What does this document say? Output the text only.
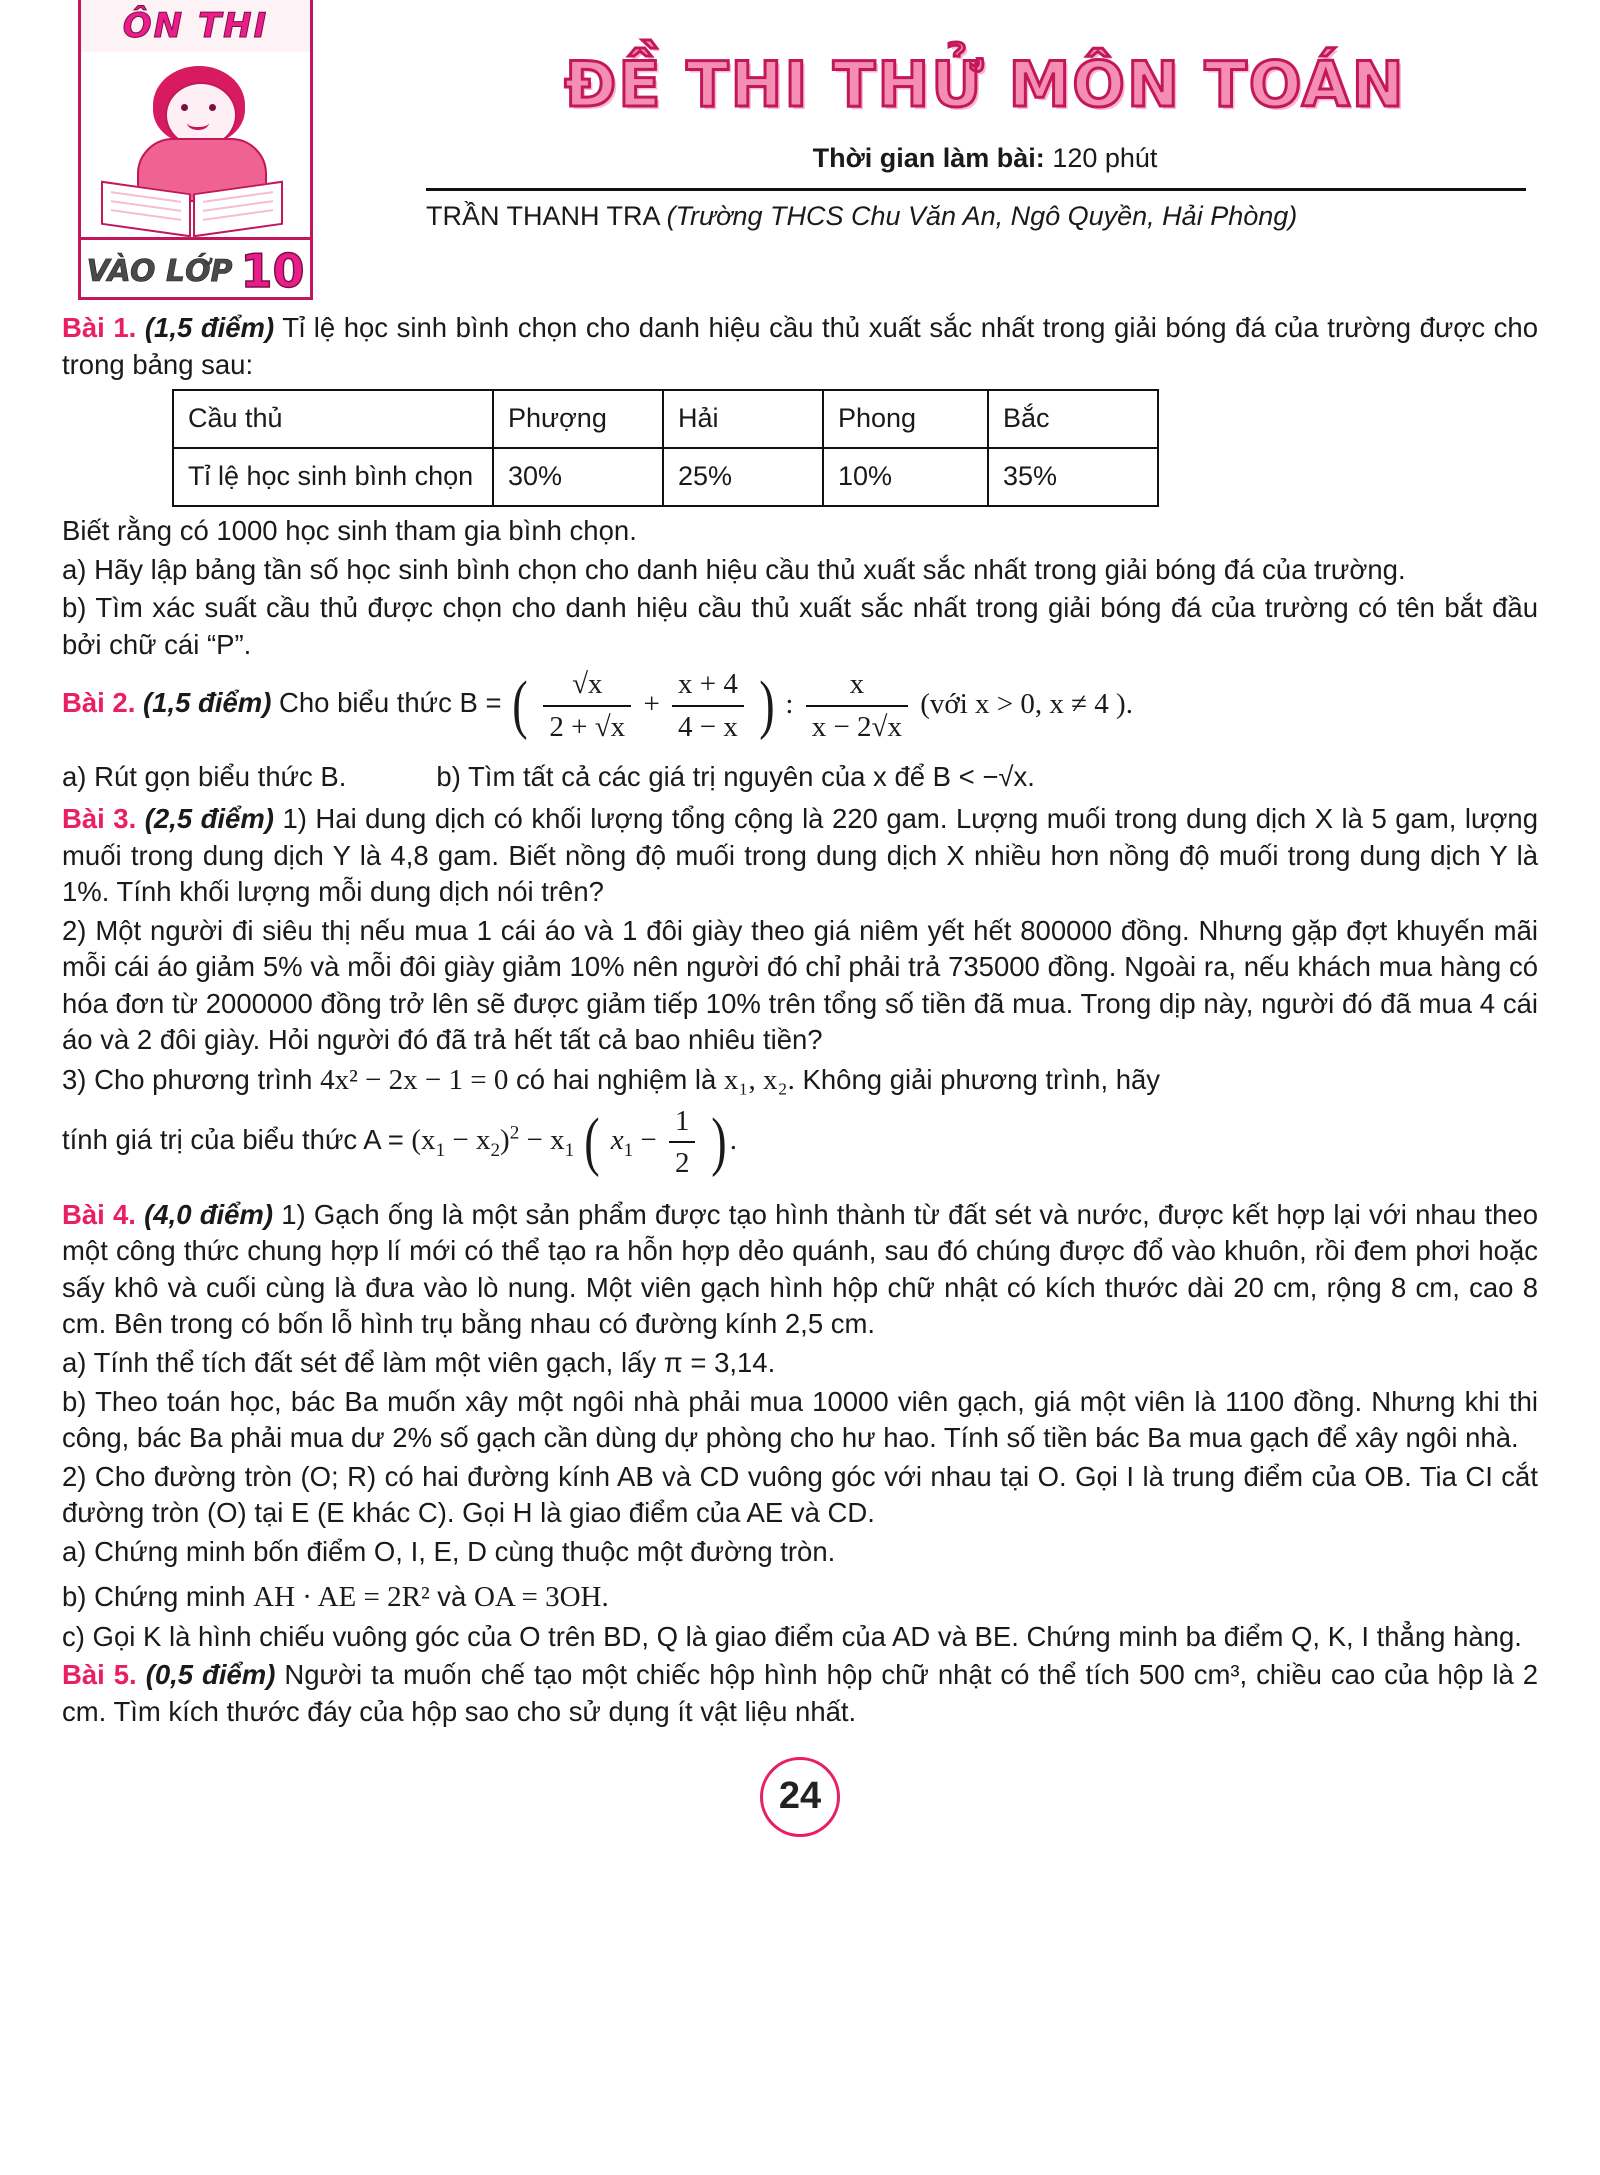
ÔN THI
VÀO LỚP 10
ĐỀ THI THỬ MÔN TOÁN
Thời gian làm bài: 120 phút
TRẦN THANH TRA (Trường THCS Chu Văn An, Ngô Quyền, Hải Phòng)

Bài 1. (1,5 điểm) Tỉ lệ học sinh bình chọn cho danh hiệu cầu thủ xuất sắc nhất trong giải bóng đá của trường được cho trong bảng sau:

Cầu thủ	Phượng	Hải	Phong	Bắc
Tỉ lệ học sinh bình chọn	30%	25%	10%	35%

Biết rằng có 1000 học sinh tham gia bình chọn.

a) Hãy lập bảng tần số học sinh bình chọn cho danh hiệu cầu thủ xuất sắc nhất trong giải bóng đá của trường.

b) Tìm xác suất cầu thủ được chọn cho danh hiệu cầu thủ xuất sắc nhất trong giải bóng đá của trường có tên bắt đầu bởi chữ cái “P”.

Bài 2. (1,5 điểm) Cho biểu thức B = ( $\frac{√x}{2 + √x} + \frac{x + 4}{4 - x}$ ) : $\frac{x}{x - 2√x}$ (với x > 0, x ≠ 4 ).

a) Rút gọn biểu thức B.	b) Tìm tất cả các giá trị nguyên của x để B < −√x.

Bài 3. (2,5 điểm) 1) Hai dung dịch có khối lượng tổng cộng là 220 gam. Lượng muối trong dung dịch X là 5 gam, lượng muối trong dung dịch Y là 4,8 gam. Biết nồng độ muối trong dung dịch X nhiều hơn nồng độ muối trong dung dịch Y là 1%. Tính khối lượng mỗi dung dịch nói trên?

2) Một người đi siêu thị nếu mua 1 cái áo và 1 đôi giày theo giá niêm yết hết 800000 đồng. Nhưng gặp đợt khuyến mãi mỗi cái áo giảm 5% và mỗi đôi giày giảm 10% nên người đó chỉ phải trả 735000 đồng. Ngoài ra, nếu khách mua hàng có hóa đơn từ 2000000 đồng trở lên sẽ được giảm tiếp 10% trên tổng số tiền đã mua. Trong dịp này, người đó đã mua 4 cái áo và 2 đôi giày. Hỏi người đó đã trả hết tất cả bao nhiêu tiền?

3) Cho phương trình 4x² − 2x − 1 = 0 có hai nghiệm là x₁, x₂. Không giải phương trình, hãy

tính giá trị của biểu thức $A = (x_1 - x_2)^2 - x_1$ ( $x_1 - \frac{1}{2}$ ) .

Bài 4. (4,0 điểm) 1) Gạch ống là một sản phẩm được tạo hình thành từ đất sét và nước, được kết hợp lại với nhau theo một công thức chung hợp lí mới có thể tạo ra hỗn hợp dẻo quánh, sau đó chúng được đổ vào khuôn, rồi đem phơi hoặc sấy khô và cuối cùng là đưa vào lò nung. Một viên gạch hình hộp chữ nhật có kích thước dài 20 cm, rộng 8 cm, cao 8 cm. Bên trong có bốn lỗ hình trụ bằng nhau có đường kính 2,5 cm.

a) Tính thể tích đất sét để làm một viên gạch, lấy π = 3,14.

b) Theo toán học, bác Ba muốn xây một ngôi nhà phải mua 10000 viên gạch, giá một viên là 1100 đồng. Nhưng khi thi công, bác Ba phải mua dư 2% số gạch cần dùng dự phòng cho hư hao. Tính số tiền bác Ba mua gạch để xây ngôi nhà.

2) Cho đường tròn (O; R) có hai đường kính AB và CD vuông góc với nhau tại O. Gọi I là trung điểm của OB. Tia CI cắt đường tròn (O) tại E (E khác C). Gọi H là giao điểm của AE và CD.

a) Chứng minh bốn điểm O, I, E, D cùng thuộc một đường tròn.

b) Chứng minh AH · AE = 2R² và OA = 3OH.

c) Gọi K là hình chiếu vuông góc của O trên BD, Q là giao điểm của AD và BE. Chứng minh ba điểm Q, K, I thẳng hàng.

Bài 5. (0,5 điểm) Người ta muốn chế tạo một chiếc hộp hình hộp chữ nhật có thể tích 500 cm³, chiều cao của hộp là 2 cm. Tìm kích thước đáy của hộp sao cho sử dụng ít vật liệu nhất.

24
